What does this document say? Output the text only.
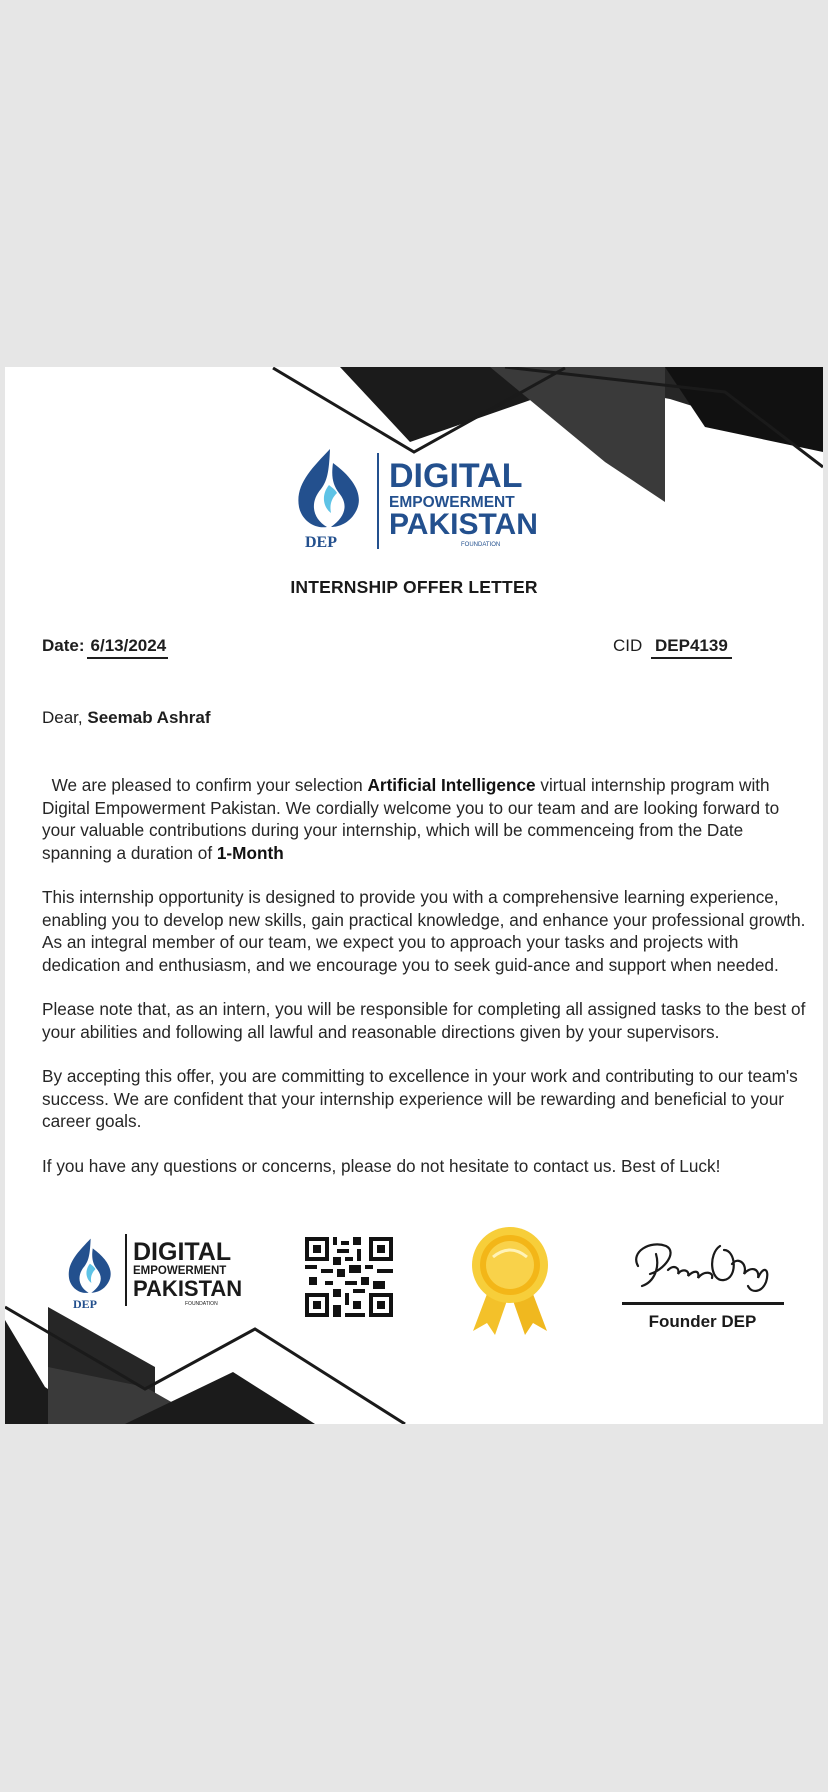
DEP
DIGITAL
EMPOWERMENT
PAKISTAN
FOUNDATION
INTERNSHIP OFFER LETTER
Date: 6/13/2024	CID DEP4139
Dear, Seemab Ashraf

We are pleased to confirm your selection Artificial Intelligence virtual internship program with Digital Empowerment Pakistan. We cordially welcome you to our team and are looking forward to your valuable contributions during your internship, which will be commenceing from the Date spanning a duration of 1-Month

This internship opportunity is designed to provide you with a comprehensive learning experience, enabling you to develop new skills, gain practical knowledge, and enhance your professional growth. As an integral member of our team, we expect you to approach your tasks and projects with dedication and enthusiasm, and we encourage you to seek guid-ance and support when needed.

Please note that, as an intern, you will be responsible for completing all assigned tasks to the best of your abilities and following all lawful and reasonable directions given by your supervisors.

By accepting this offer, you are committing to excellence in your work and contributing to our team's success. We are confident that your internship experience will be rewarding and beneficial to your career goals.

If you have any questions or concerns, please do not hesitate to contact us. Best of Luck!

DEP
DIGITAL
EMPOWERMENT
PAKISTAN
FOUNDATION
Founder DEP
